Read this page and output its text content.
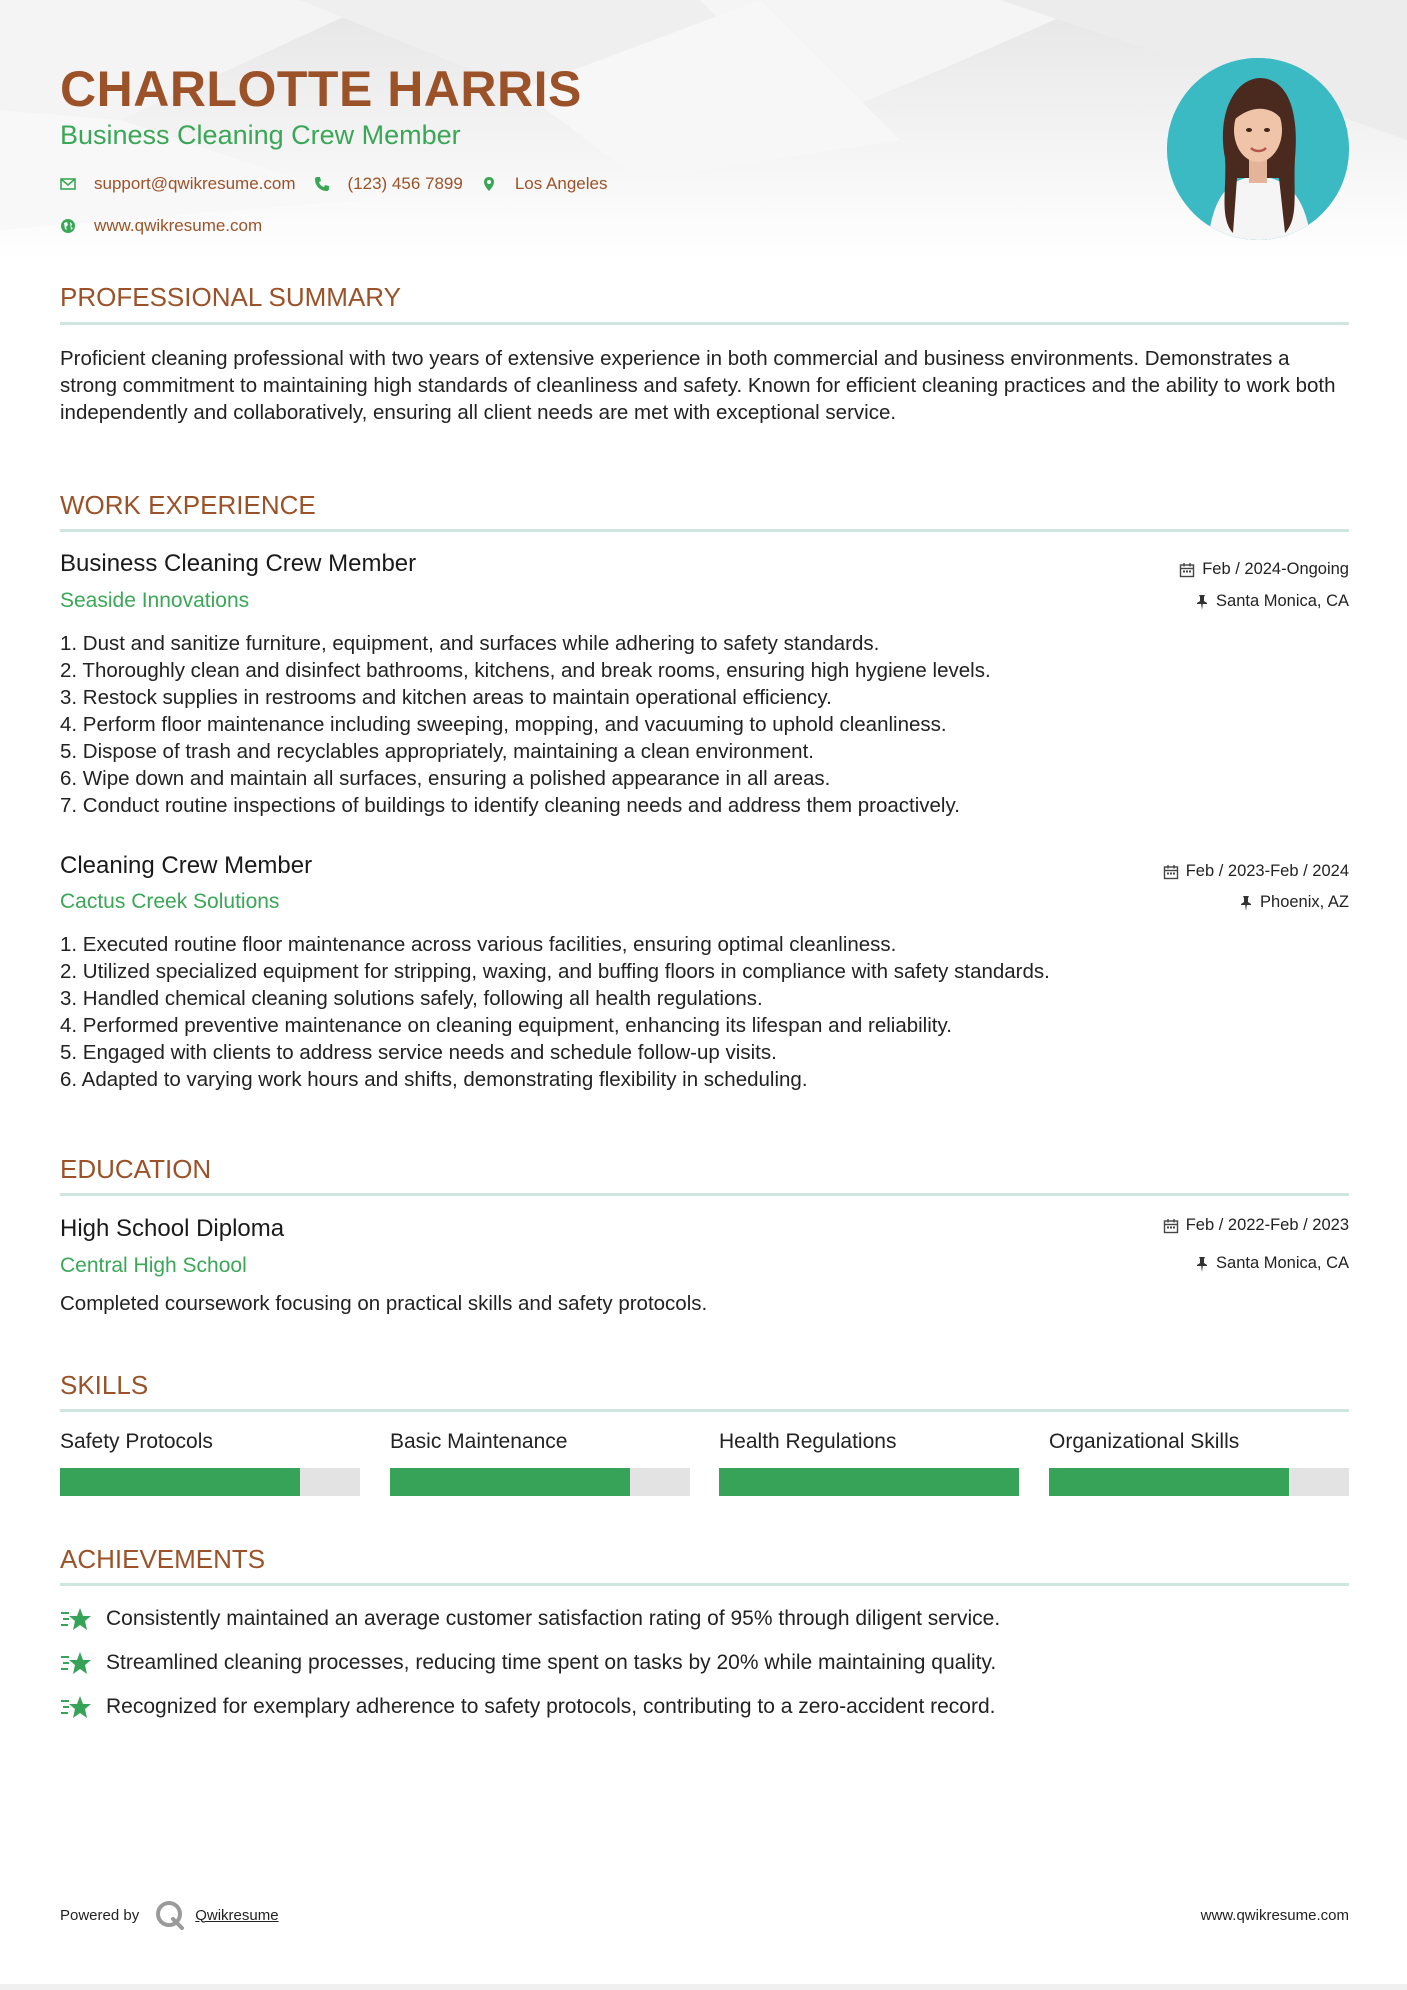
CHARLOTTE HARRIS
Business Cleaning Crew Member
support@qwikresume.com	(123) 456 7899	Los Angeles
www.qwikresume.com
PROFESSIONAL SUMMARY
Proficient cleaning professional with two years of extensive experience in both commercial and business environments. Demonstrates a strong commitment to maintaining high standards of cleanliness and safety. Known for efficient cleaning practices and the ability to work both independently and collaboratively, ensuring all client needs are met with exceptional service.
WORK EXPERIENCE
Business Cleaning Crew Member
Seaside Innovations
Feb / 2024-Ongoing
Santa Monica, CA
1. Dust and sanitize furniture, equipment, and surfaces while adhering to safety standards.
2. Thoroughly clean and disinfect bathrooms, kitchens, and break rooms, ensuring high hygiene levels.
3. Restock supplies in restrooms and kitchen areas to maintain operational efficiency.
4. Perform floor maintenance including sweeping, mopping, and vacuuming to uphold cleanliness.
5. Dispose of trash and recyclables appropriately, maintaining a clean environment.
6. Wipe down and maintain all surfaces, ensuring a polished appearance in all areas.
7. Conduct routine inspections of buildings to identify cleaning needs and address them proactively.
Cleaning Crew Member
Cactus Creek Solutions
Feb / 2023-Feb / 2024
Phoenix, AZ
1. Executed routine floor maintenance across various facilities, ensuring optimal cleanliness.
2. Utilized specialized equipment for stripping, waxing, and buffing floors in compliance with safety standards.
3. Handled chemical cleaning solutions safely, following all health regulations.
4. Performed preventive maintenance on cleaning equipment, enhancing its lifespan and reliability.
5. Engaged with clients to address service needs and schedule follow-up visits.
6. Adapted to varying work hours and shifts, demonstrating flexibility in scheduling.
EDUCATION
High School Diploma
Central High School
Feb / 2022-Feb / 2023
Santa Monica, CA
Completed coursework focusing on practical skills and safety protocols.
SKILLS
Safety Protocols	Basic Maintenance	Health Regulations	Organizational Skills
ACHIEVEMENTS
Consistently maintained an average customer satisfaction rating of 95% through diligent service.
Streamlined cleaning processes, reducing time spent on tasks by 20% while maintaining quality.
Recognized for exemplary adherence to safety protocols, contributing to a zero-accident record.
Powered by	Qwikresume	www.qwikresume.com
